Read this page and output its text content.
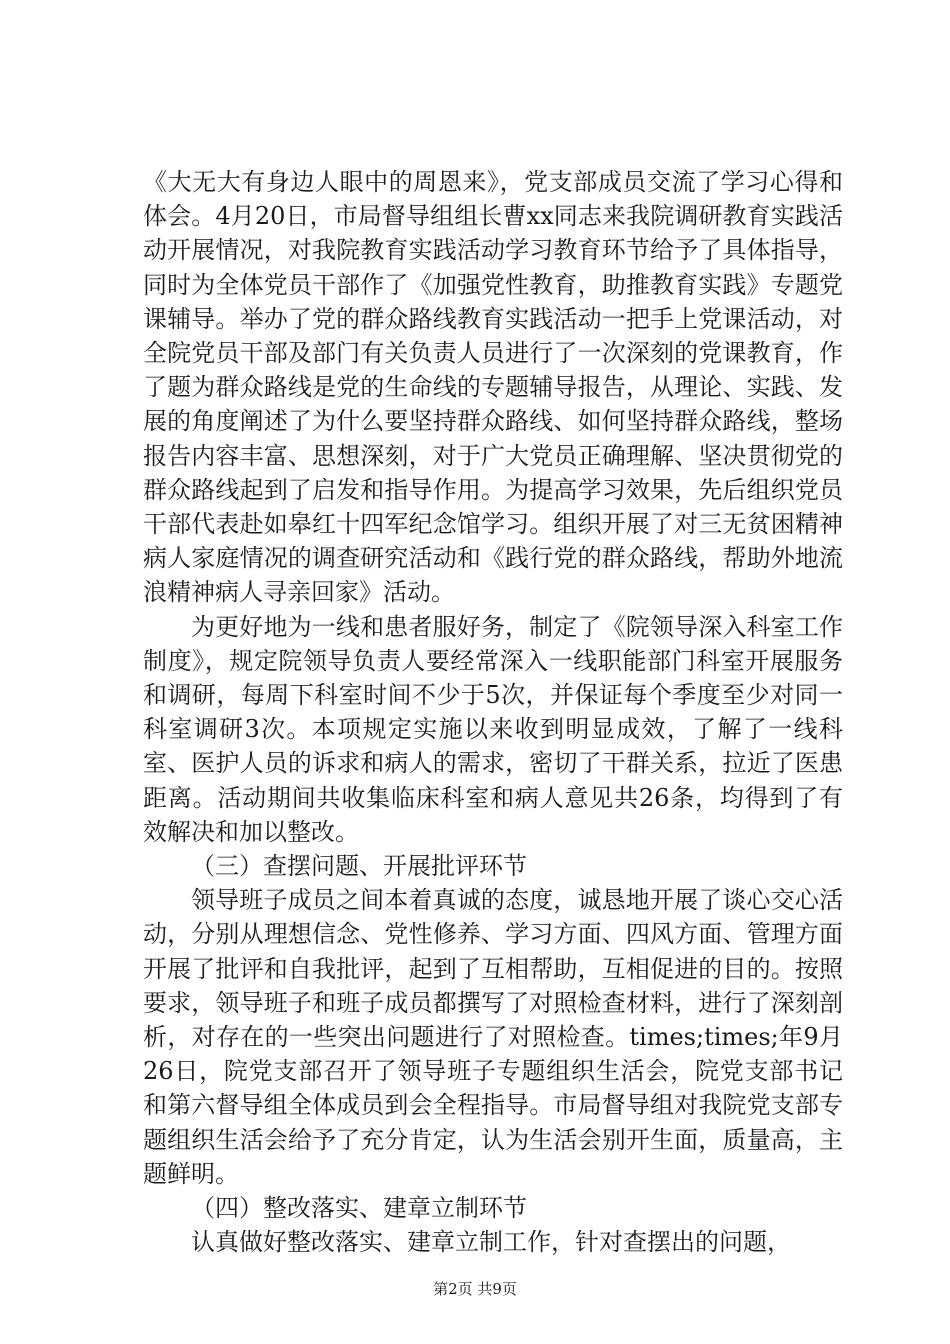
《大无大有身边人眼中的周恩来》，党支部成员交流了学习心得和体会。4月20日，市局督导组组长曹xx同志来我院调研教育实践活动开展情况，对我院教育实践活动学习教育环节给予了具体指导，同时为全体党员干部作了《加强党性教育，助推教育实践》专题党课辅导。举办了党的群众路线教育实践活动一把手上党课活动，对全院党员干部及部门有关负责人员进行了一次深刻的党课教育，作了题为群众路线是党的生命线的专题辅导报告，从理论、实践、发展的角度阐述了为什么要坚持群众路线、如何坚持群众路线，整场报告内容丰富、思想深刻，对于广大党员正确理解、坚决贯彻党的群众路线起到了启发和指导作用。为提高学习效果，先后组织党员干部代表赴如皋红十四军纪念馆学习。组织开展了对三无贫困精神病人家庭情况的调查研究活动和《践行党的群众路线，帮助外地流浪精神病人寻亲回家》活动。

为更好地为一线和患者服好务，制定了《院领导深入科室工作制度》，规定院领导负责人要经常深入一线职能部门科室开展服务和调研，每周下科室时间不少于5次，并保证每个季度至少对同一科室调研3次。本项规定实施以来收到明显成效，了解了一线科室、医护人员的诉求和病人的需求，密切了干群关系，拉近了医患距离。活动期间共收集临床科室和病人意见共26条，均得到了有效解决和加以整改。

（三）查摆问题、开展批评环节

领导班子成员之间本着真诚的态度，诚恳地开展了谈心交心活动，分别从理想信念、党性修养、学习方面、四风方面、管理方面开展了批评和自我批评，起到了互相帮助，互相促进的目的。按照要求，领导班子和班子成员都撰写了对照检查材料，进行了深刻剖析，对存在的一些突出问题进行了对照检查。times;times;年9月26日，院党支部召开了领导班子专题组织生活会，院党支部书记和第六督导组全体成员到会全程指导。市局督导组对我院党支部专题组织生活会给予了充分肯定，认为生活会别开生面，质量高，主题鲜明。

（四）整改落实、建章立制环节

认真做好整改落实、建章立制工作，针对查摆出的问题，

第2页 共9页
